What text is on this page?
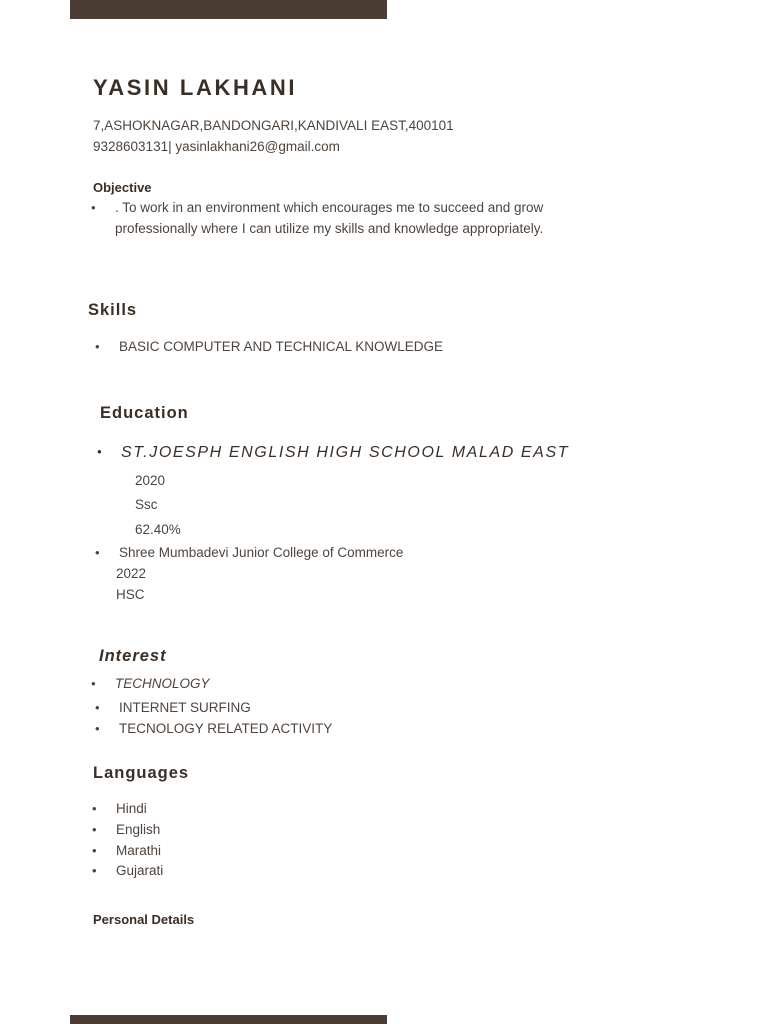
YASIN LAKHANI
7,ASHOKNAGAR,BANDONGARI,KANDIVALI EAST,400101
9328603131| yasinlakhani26@gmail.com
Objective
• . To work in an environment which encourages me to succeed and grow
professionally where I can utilize my skills and knowledge appropriately.
Skills
• BASIC COMPUTER AND TECHNICAL KNOWLEDGE
Education
• ST.JOESPH ENGLISH HIGH SCHOOL MALAD EAST
2020
Ssc
62.40%
• Shree Mumbadevi Junior College of Commerce
2022
HSC
Interest
• TECHNOLOGY
• INTERNET SURFING
• TECNOLOGY RELATED ACTIVITY
Languages
• Hindi
• English
• Marathi
• Gujarati
Personal Details
